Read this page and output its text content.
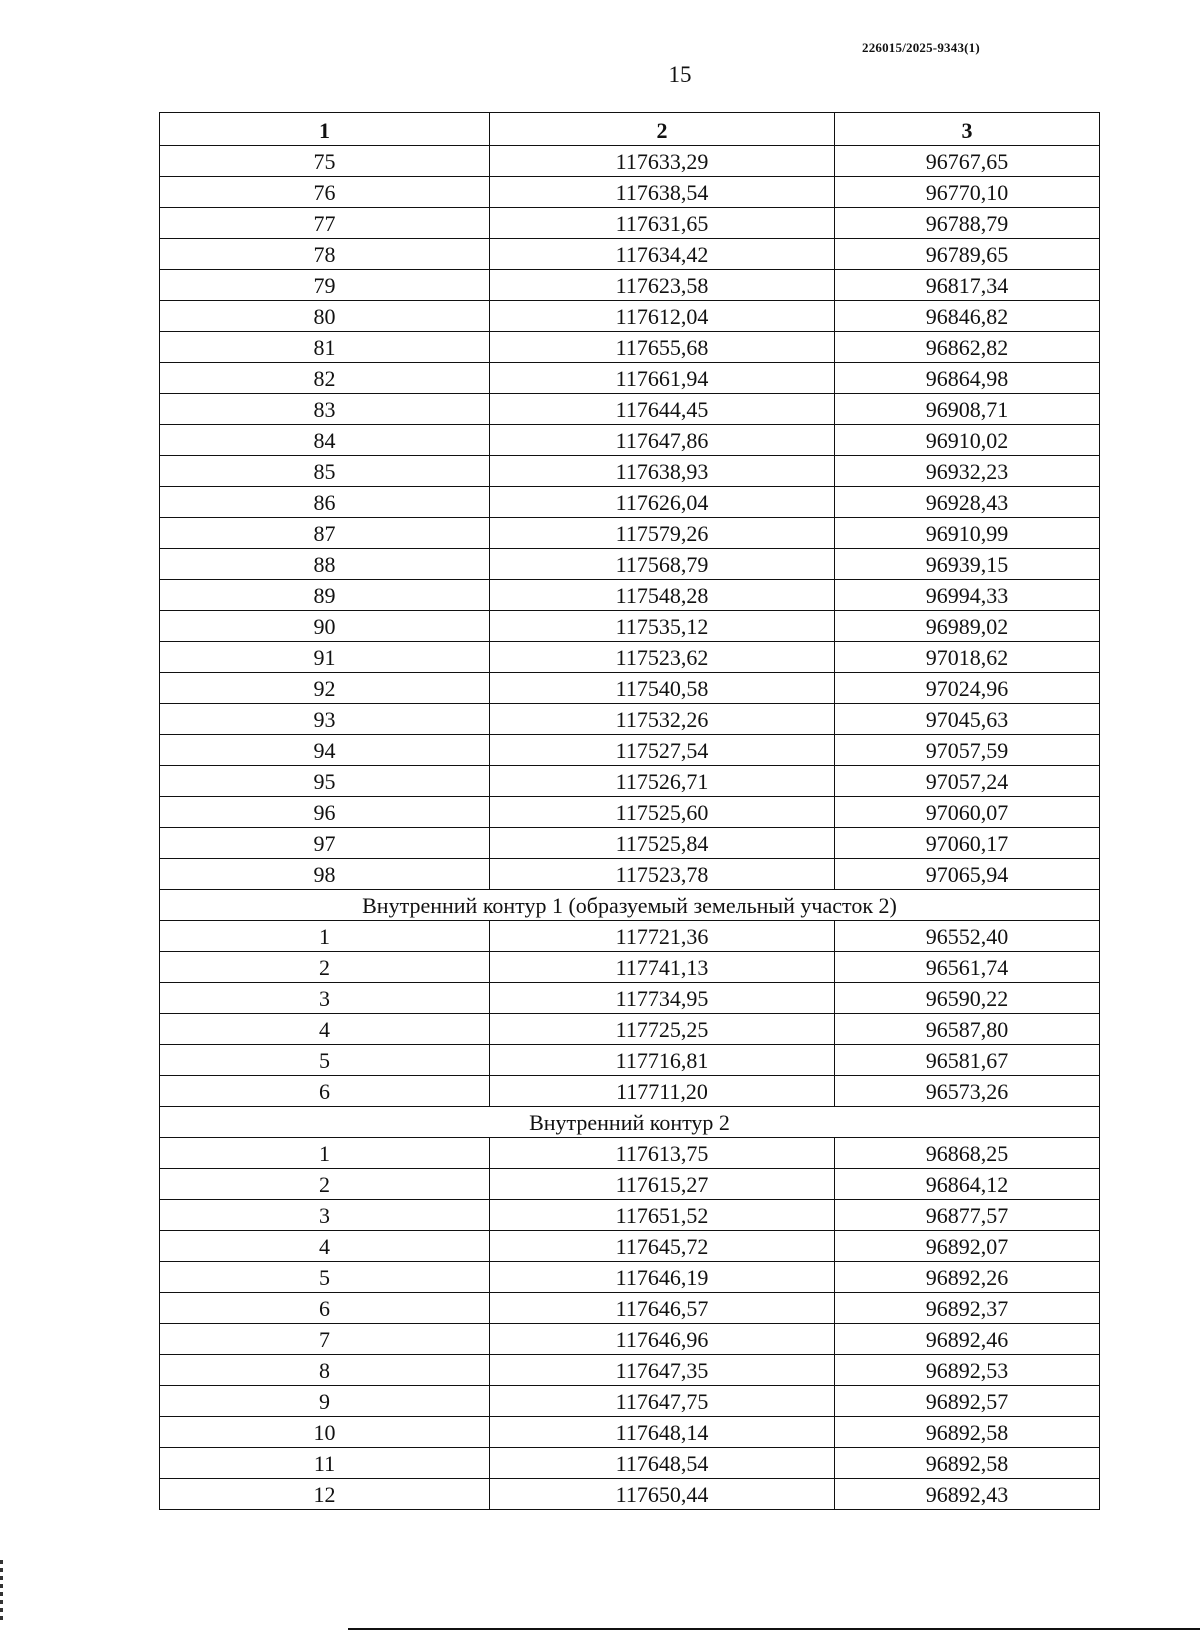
226015/2025-9343(1)
15
1	2	3
75	117633,29	96767,65
76	117638,54	96770,10
77	117631,65	96788,79
78	117634,42	96789,65
79	117623,58	96817,34
80	117612,04	96846,82
81	117655,68	96862,82
82	117661,94	96864,98
83	117644,45	96908,71
84	117647,86	96910,02
85	117638,93	96932,23
86	117626,04	96928,43
87	117579,26	96910,99
88	117568,79	96939,15
89	117548,28	96994,33
90	117535,12	96989,02
91	117523,62	97018,62
92	117540,58	97024,96
93	117532,26	97045,63
94	117527,54	97057,59
95	117526,71	97057,24
96	117525,60	97060,07
97	117525,84	97060,17
98	117523,78	97065,94
Внутренний контур 1 (образуемый земельный участок 2)		
1	117721,36	96552,40
2	117741,13	96561,74
3	117734,95	96590,22
4	117725,25	96587,80
5	117716,81	96581,67
6	117711,20	96573,26
Внутренний контур 2		
1	117613,75	96868,25
2	117615,27	96864,12
3	117651,52	96877,57
4	117645,72	96892,07
5	117646,19	96892,26
6	117646,57	96892,37
7	117646,96	96892,46
8	117647,35	96892,53
9	117647,75	96892,57
10	117648,14	96892,58
11	117648,54	96892,58
12	117650,44	96892,43
